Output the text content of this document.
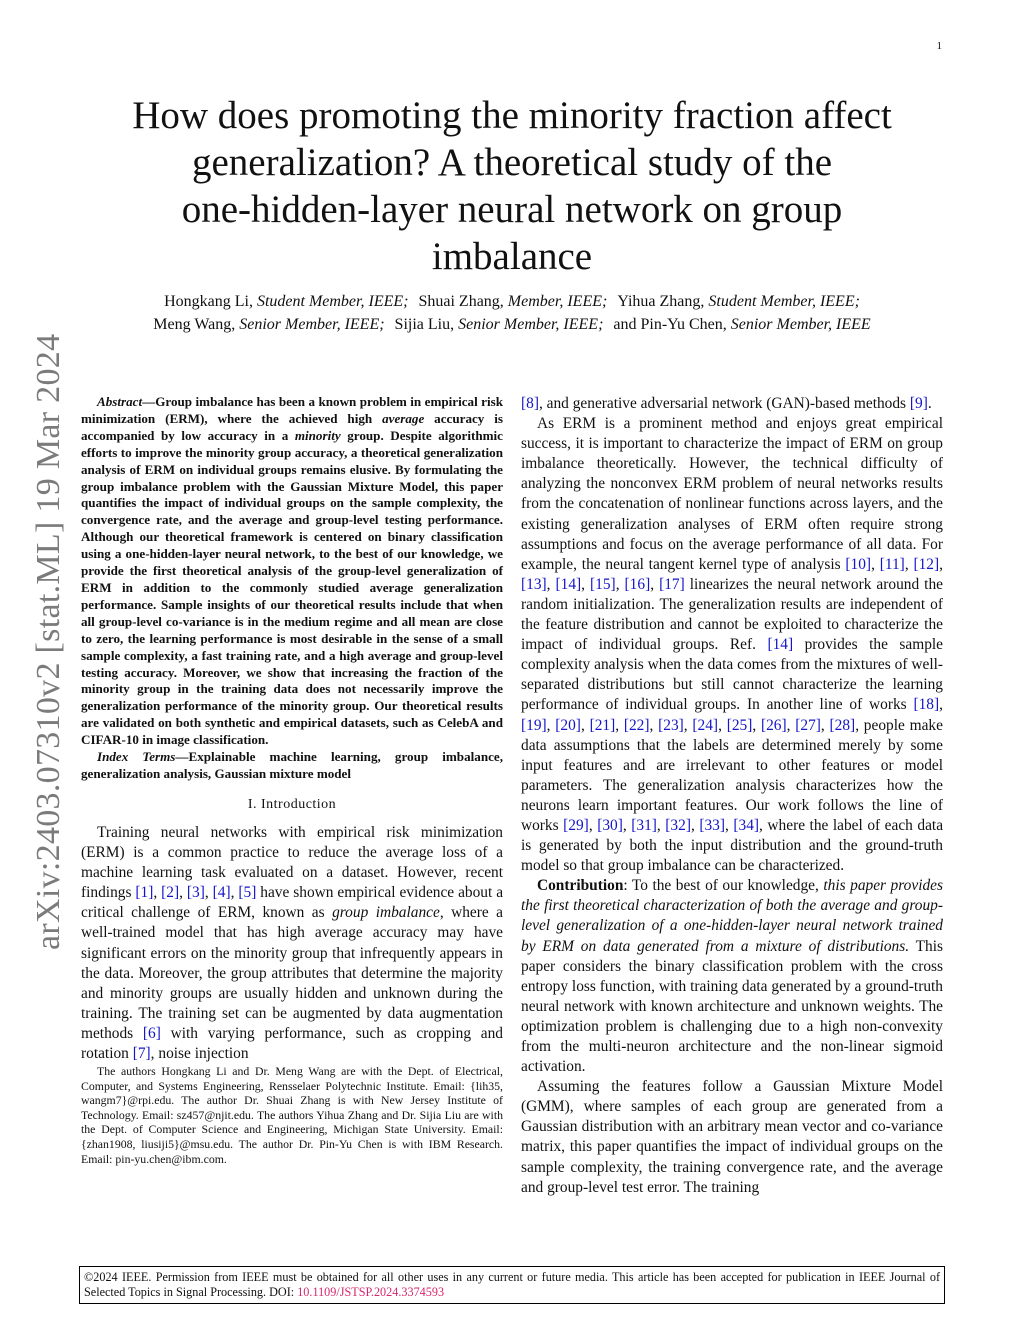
1
arXiv:2403.07310v2 [stat.ML] 19 Mar 2024
How does promoting the minority fraction affect
generalization? A theoretical study of the
one-hidden-layer neural network on group
imbalance
Hongkang Li, Student Member, IEEE; Shuai Zhang, Member, IEEE; Yihua Zhang, Student Member, IEEE;
Meng Wang, Senior Member, IEEE; Sijia Liu, Senior Member, IEEE; and Pin-Yu Chen, Senior Member, IEEE

Abstract—Group imbalance has been a known problem in empirical risk minimization (ERM), where the achieved high average accuracy is accompanied by low accuracy in a minority group. Despite algorithmic efforts to improve the minority group accuracy, a theoretical generalization analysis of ERM on individual groups remains elusive. By formulating the group imbalance problem with the Gaussian Mixture Model, this paper quantifies the impact of individual groups on the sample complexity, the convergence rate, and the average and group-level testing performance. Although our theoretical framework is centered on binary classification using a one-hidden-layer neural network, to the best of our knowledge, we provide the first theoretical analysis of the group-level generalization of ERM in addition to the commonly studied average generalization performance. Sample insights of our theoretical results include that when all group-level co-variance is in the medium regime and all mean are close to zero, the learning performance is most desirable in the sense of a small sample complexity, a fast training rate, and a high average and group-level testing accuracy. Moreover, we show that increasing the fraction of the minority group in the training data does not necessarily improve the generalization performance of the minority group. Our theoretical results are validated on both synthetic and empirical datasets, such as CelebA and CIFAR-10 in image classification.

Index Terms—Explainable machine learning, group imbalance, generalization analysis, Gaussian mixture model

I. Introduction

Training neural networks with empirical risk minimization (ERM) is a common practice to reduce the average loss of a machine learning task evaluated on a dataset. However, recent findings [1], [2], [3], [4], [5] have shown empirical evidence about a critical challenge of ERM, known as group imbalance, where a well-trained model that has high average accuracy may have significant errors on the minority group that infrequently appears in the data. Moreover, the group attributes that determine the majority and minority groups are usually hidden and unknown during the training. The training set can be augmented by data augmentation methods [6] with varying performance, such as cropping and rotation [7], noise injection

The authors Hongkang Li and Dr. Meng Wang are with the Dept. of Electrical, Computer, and Systems Engineering, Rensselaer Polytechnic Institute. Email: {lih35, wangm7}@rpi.edu. The author Dr. Shuai Zhang is with New Jersey Institute of Technology. Email: sz457@njit.edu. The authors Yihua Zhang and Dr. Sijia Liu are with the Dept. of Computer Science and Engineering, Michigan State University. Email: {zhan1908, liusiji5}@msu.edu. The author Dr. Pin-Yu Chen is with IBM Research. Email: pin-yu.chen@ibm.com.

[8], and generative adversarial network (GAN)-based methods [9].

As ERM is a prominent method and enjoys great empirical success, it is important to characterize the impact of ERM on group imbalance theoretically. However, the technical difficulty of analyzing the nonconvex ERM problem of neural networks results from the concatenation of nonlinear functions across layers, and the existing generalization analyses of ERM often require strong assumptions and focus on the average performance of all data. For example, the neural tangent kernel type of analysis [10], [11], [12], [13], [14], [15], [16], [17] linearizes the neural network around the random initialization. The generalization results are independent of the feature distribution and cannot be exploited to characterize the impact of individual groups. Ref. [14] provides the sample complexity analysis when the data comes from the mixtures of well-separated distributions but still cannot characterize the learning performance of individual groups. In another line of works [18], [19], [20], [21], [22], [23], [24], [25], [26], [27], [28], people make data assumptions that the labels are determined merely by some input features and are irrelevant to other features or model parameters. The generalization analysis characterizes how the neurons learn important features. Our work follows the line of works [29], [30], [31], [32], [33], [34], where the label of each data is generated by both the input distribution and the ground-truth model so that group imbalance can be characterized.

Contribution: To the best of our knowledge, this paper provides the first theoretical characterization of both the average and group-level generalization of a one-hidden-layer neural network trained by ERM on data generated from a mixture of distributions. This paper considers the binary classification problem with the cross entropy loss function, with training data generated by a ground-truth neural network with known architecture and unknown weights. The optimization problem is challenging due to a high non-convexity from the multi-neuron architecture and the non-linear sigmoid activation.

Assuming the features follow a Gaussian Mixture Model (GMM), where samples of each group are generated from a Gaussian distribution with an arbitrary mean vector and co-variance matrix, this paper quantifies the impact of individual groups on the sample complexity, the training convergence rate, and the average and group-level test error. The training

©2024 IEEE. Permission from IEEE must be obtained for all other uses in any current or future media. This article has been accepted for publication in IEEE Journal of Selected Topics in Signal Processing. DOI: 10.1109/JSTSP.2024.3374593
